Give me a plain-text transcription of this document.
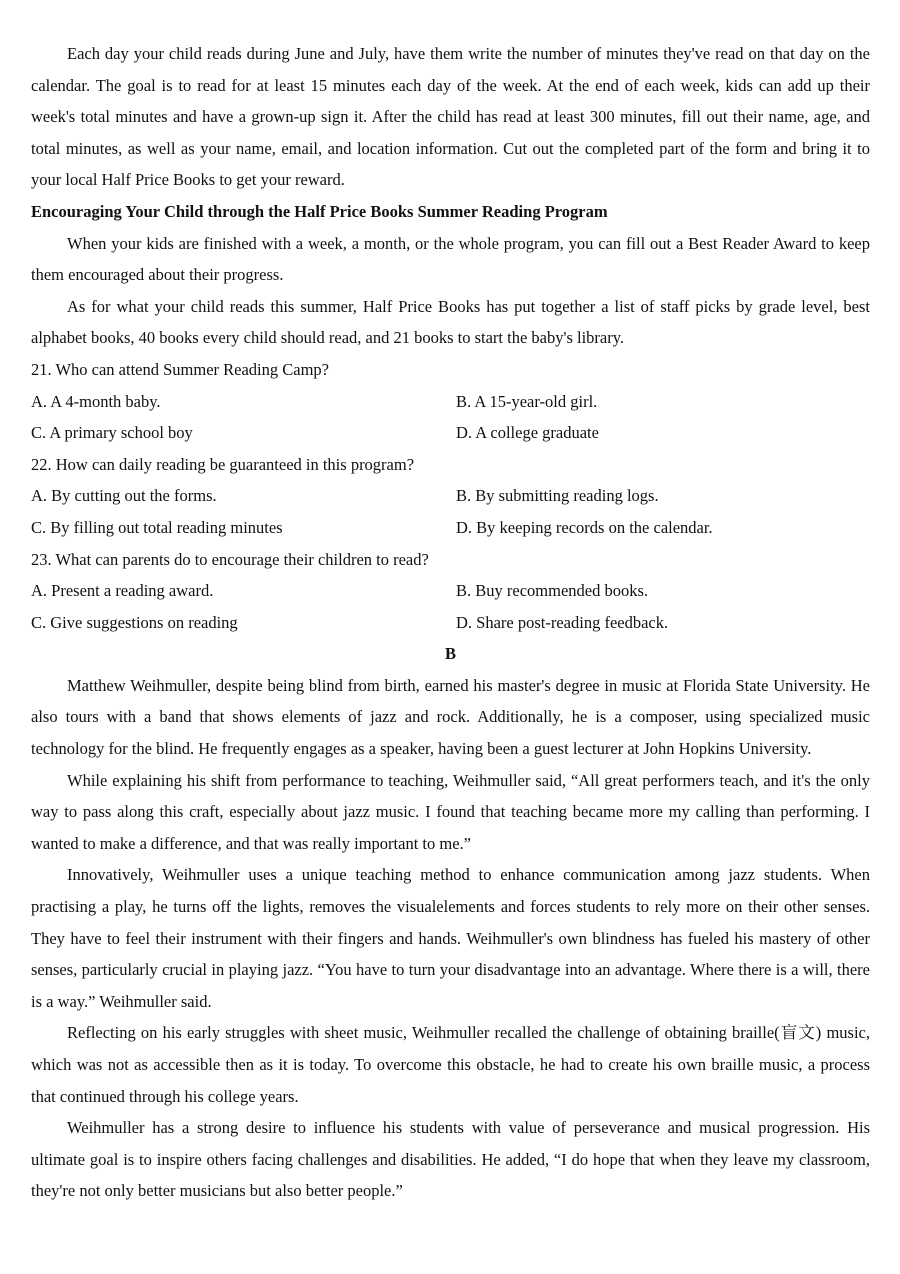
Each day your child reads during June and July, have them write the number of minutes they've read on that day on the calendar. The goal is to read for at least 15 minutes each day of the week. At the end of each week, kids can add up their week's total minutes and have a grown-up sign it. After the child has read at least 300 minutes, fill out their name, age, and total minutes, as well as your name, email, and location information. Cut out the completed part of the form and bring it to your local Half Price Books to get your reward.

Encouraging Your Child through the Half Price Books Summer Reading Program

When your kids are finished with a week, a month, or the whole program, you can fill out a Best Reader Award to keep them encouraged about their progress.

As for what your child reads this summer, Half Price Books has put together a list of staff picks by grade level, best alphabet books, 40 books every child should read, and 21 books to start the baby's library.

21. Who can attend Summer Reading Camp?

A. A 4-month baby.	B. A 15-year-old girl.

C. A primary school boy	D. A college graduate

22. How can daily reading be guaranteed in this program?

A. By cutting out the forms.	B. By submitting reading logs.

C. By filling out total reading minutes	D. By keeping records on the calendar.

23. What can parents do to encourage their children to read?

A. Present a reading award.	B. Buy recommended books.

C. Give suggestions on reading	D. Share post-reading feedback.

B

Matthew Weihmuller, despite being blind from birth, earned his master's degree in music at Florida State University. He also tours with a band that shows elements of jazz and rock. Additionally, he is a composer, using specialized music technology for the blind. He frequently engages as a speaker, having been a guest lecturer at John Hopkins University.

While explaining his shift from performance to teaching, Weihmuller said, “All great performers teach, and it's the only way to pass along this craft, especially about jazz music. I found that teaching became more my calling than performing. I wanted to make a difference, and that was really important to me.”

Innovatively, Weihmuller uses a unique teaching method to enhance communication among jazz students. When practising a play, he turns off the lights, removes the visualelements and forces students to rely more on their other senses. They have to feel their instrument with their fingers and hands. Weihmuller's own blindness has fueled his mastery of other senses, particularly crucial in playing jazz. “You have to turn your disadvantage into an advantage. Where there is a will, there is a way.” Weihmuller said.

Reflecting on his early struggles with sheet music, Weihmuller recalled the challenge of obtaining braille(盲文) music, which was not as accessible then as it is today. To overcome this obstacle, he had to create his own braille music, a process that continued through his college years.

Weihmuller has a strong desire to influence his students with value of perseverance and musical progression. His ultimate goal is to inspire others facing challenges and disabilities. He added, “I do hope that when they leave my classroom, they're not only better musicians but also better people.”
